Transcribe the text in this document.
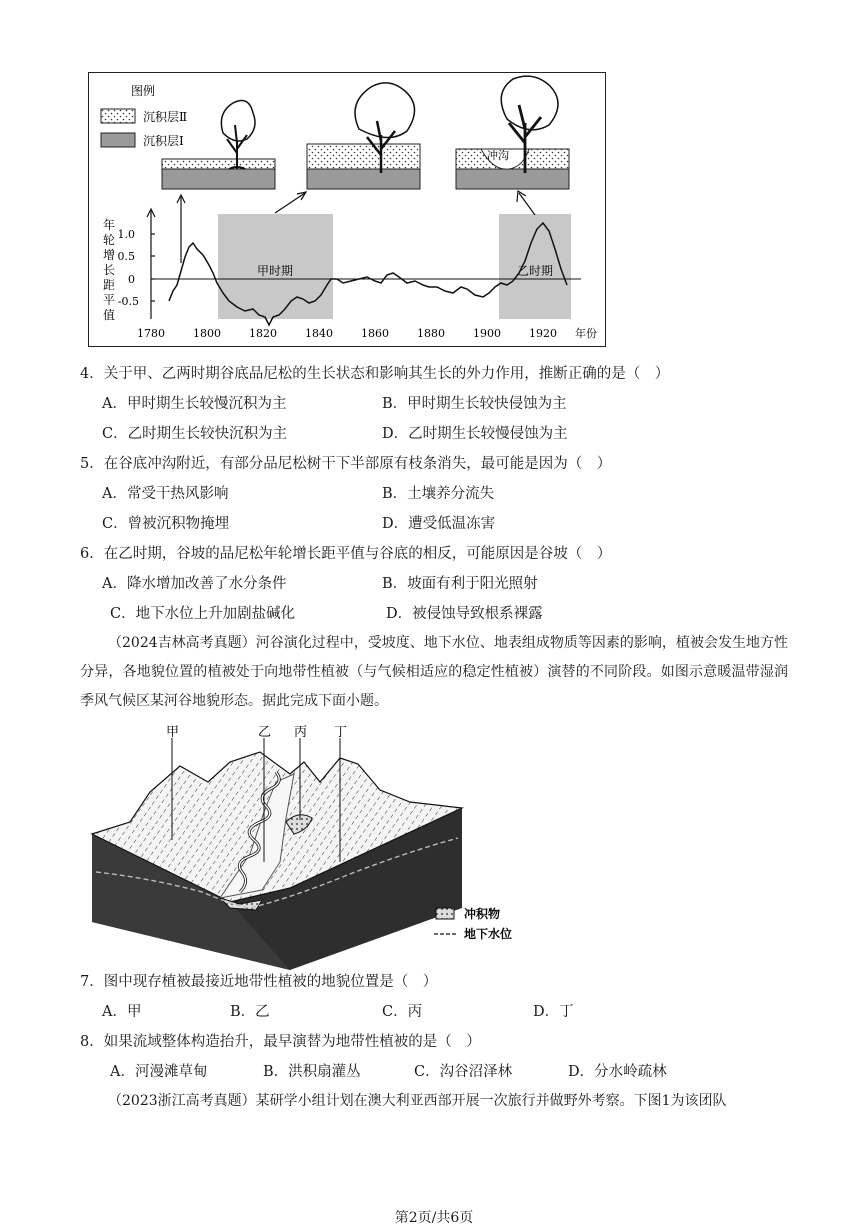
图例
沉积层Ⅱ
沉积层Ⅰ
冲沟
1.0
0.5
0
-0.5
年轮增长距平值
甲时期	乙时期
1780	1800	1820	1840	1860	1880	1900	1920 年份
4．关于甲、乙两时期谷底品尼松的生长状态和影响其生长的外力作用，推断正确的是（　）
A．甲时期生长较慢沉积为主	B．甲时期生长较快侵蚀为主
C．乙时期生长较快沉积为主	D．乙时期生长较慢侵蚀为主
5．在谷底冲沟附近，有部分品尼松树干下半部原有枝条消失，最可能是因为（　）
A．常受干热风影响	B．土壤养分流失
C．曾被沉积物掩埋	D．遭受低温冻害
6．在乙时期，谷坡的品尼松年轮增长距平值与谷底的相反，可能原因是谷坡（　）
A．降水增加改善了水分条件	B．坡面有利于阳光照射
C．地下水位上升加剧盐碱化	D．被侵蚀导致根系裸露
（2024吉林高考真题）河谷演化过程中，受坡度、地下水位、地表组成物质等因素的影响，植被会发生地方性分异，各地貌位置的植被处于向地带性植被（与气候相适应的稳定性植被）演替的不同阶段。如图示意暖温带湿润季风气候区某河谷地貌形态。据此完成下面小题。
甲	乙 丙 丁
冲积物
地下水位
7．图中现存植被最接近地带性植被的地貌位置是（　）
A．甲	B．乙	C．丙	D．丁
8．如果流域整体构造抬升，最早演替为地带性植被的是（　）
A．河漫滩草甸	B．洪积扇灌丛	C．沟谷沼泽林	D．分水岭疏林
（2023浙江高考真题）某研学小组计划在澳大利亚西部开展一次旅行并做野外考察。下图1为该团队
第2页/共6页
